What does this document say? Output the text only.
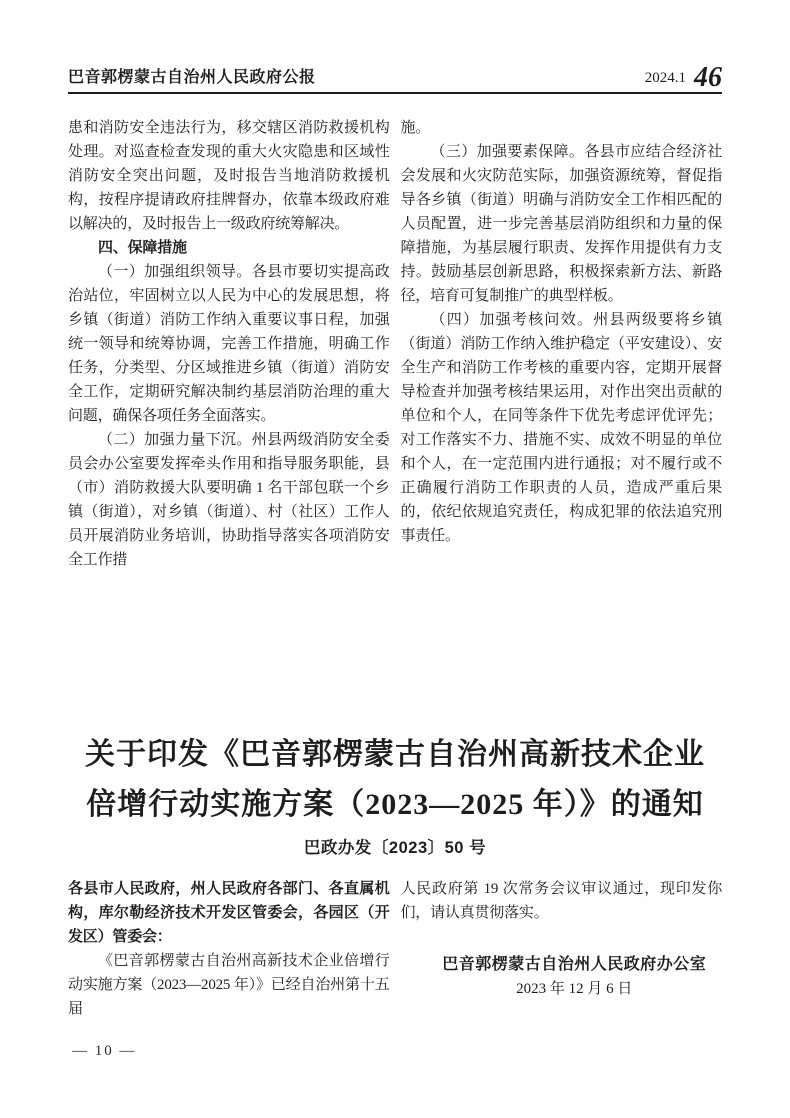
巴音郭楞蒙古自治州人民政府公报	2024.1 46

患和消防安全违法行为，移交辖区消防救援机构处理。对巡查检查发现的重大火灾隐患和区域性消防安全突出问题，及时报告当地消防救援机构，按程序提请政府挂牌督办，依靠本级政府难以解决的，及时报告上一级政府统筹解决。

四、保障措施

（一）加强组织领导。各县市要切实提高政治站位，牢固树立以人民为中心的发展思想，将乡镇（街道）消防工作纳入重要议事日程，加强统一领导和统筹协调，完善工作措施，明确工作任务，分类型、分区域推进乡镇（街道）消防安全工作，定期研究解决制约基层消防治理的重大问题，确保各项任务全面落实。

（二）加强力量下沉。州县两级消防安全委员会办公室要发挥牵头作用和指导服务职能，县（市）消防救援大队要明确 1 名干部包联一个乡镇（街道），对乡镇（街道）、村（社区）工作人员开展消防业务培训，协助指导落实各项消防安全工作措

施。

（三）加强要素保障。各县市应结合经济社会发展和火灾防范实际，加强资源统筹，督促指导各乡镇（街道）明确与消防安全工作相匹配的人员配置，进一步完善基层消防组织和力量的保障措施，为基层履行职责、发挥作用提供有力支持。鼓励基层创新思路，积极探索新方法、新路径，培育可复制推广的典型样板。

（四）加强考核问效。州县两级要将乡镇（街道）消防工作纳入维护稳定（平安建设）、安全生产和消防工作考核的重要内容，定期开展督导检查并加强考核结果运用，对作出突出贡献的单位和个人，在同等条件下优先考虑评优评先；对工作落实不力、措施不实、成效不明显的单位和个人，在一定范围内进行通报；对不履行或不正确履行消防工作职责的人员，造成严重后果的，依纪依规追究责任，构成犯罪的依法追究刑事责任。

关于印发《巴音郭楞蒙古自治州高新技术企业
倍增行动实施方案（2023—2025 年）》的通知
巴政办发〔2023〕50 号

各县市人民政府，州人民政府各部门、各直属机构，库尔勒经济技术开发区管委会，各园区（开发区）管委会：

《巴音郭楞蒙古自治州高新技术企业倍增行动实施方案（2023—2025 年）》已经自治州第十五届

人民政府第 19 次常务会议审议通过，现印发你们，请认真贯彻落实。

巴音郭楞蒙古自治州人民政府办公室
2023 年 12 月 6 日
— 10 —
